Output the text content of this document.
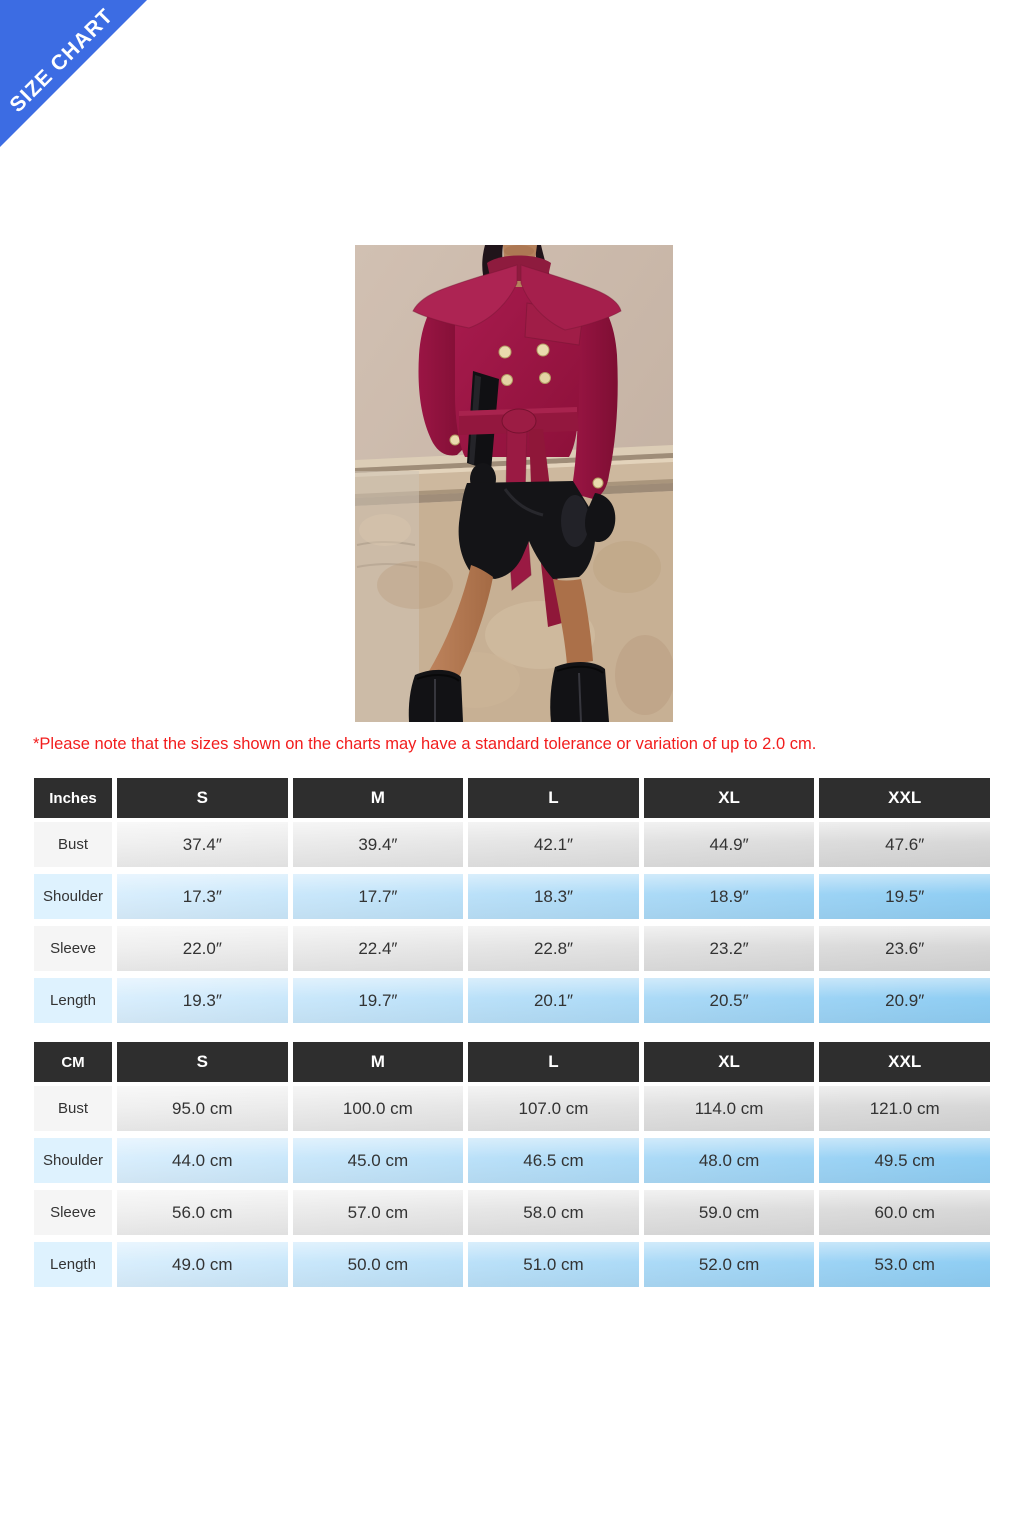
SIZE CHART

*Please note that the sizes shown on the charts may have a standard tolerance or variation of up to 2.0 cm.

Inches	S	M	L	XL	XXL
Bust	37.4″	39.4″	42.1″	44.9″	47.6″
Shoulder	17.3″	17.7″	18.3″	18.9″	19.5″
Sleeve	22.0″	22.4″	22.8″	23.2″	23.6″
Length	19.3″	19.7″	20.1″	20.5″	20.9″
CM	S	M	L	XL	XXL
Bust	95.0 cm	100.0 cm	107.0 cm	114.0 cm	121.0 cm
Shoulder	44.0 cm	45.0 cm	46.5 cm	48.0 cm	49.5 cm
Sleeve	56.0 cm	57.0 cm	58.0 cm	59.0 cm	60.0 cm
Length	49.0 cm	50.0 cm	51.0 cm	52.0 cm	53.0 cm
